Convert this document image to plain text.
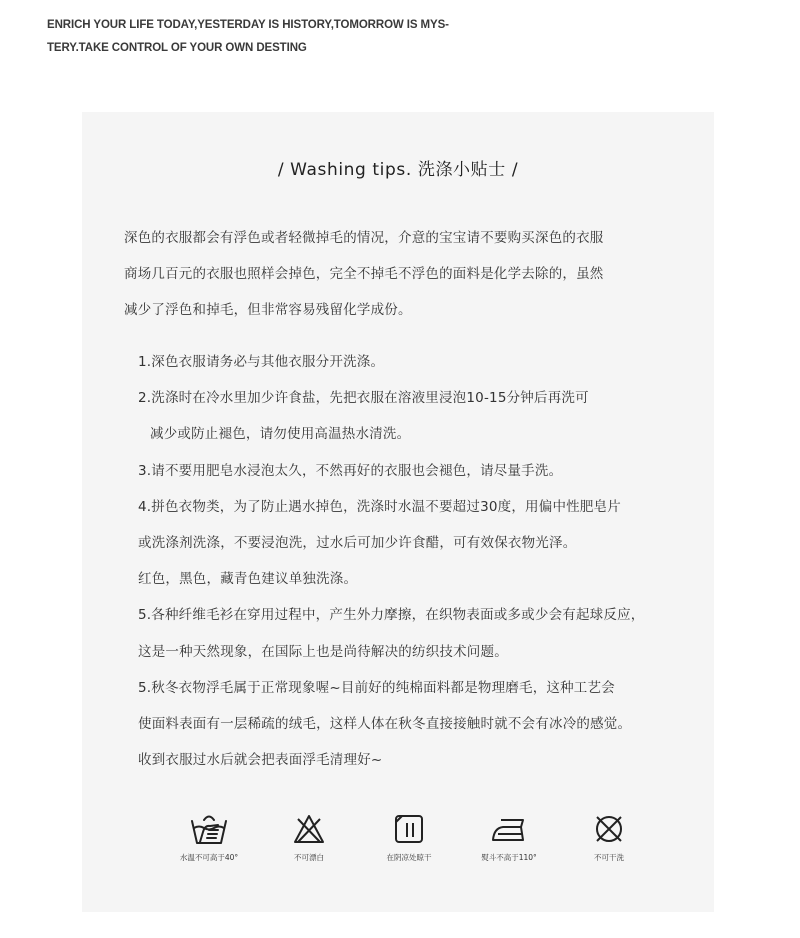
ENRICH YOUR LIFE TODAY,YESTERDAY IS HISTORY,TOMORROW IS MYS-
TERY.TAKE CONTROL OF YOUR OWN DESTING
/ Washing tips. 洗涤小贴士 /

深色的衣服都会有浮色或者轻微掉毛的情况，介意的宝宝请不要购买深色的衣服

商场几百元的衣服也照样会掉色，完全不掉毛不浮色的面料是化学去除的，虽然

减少了浮色和掉毛，但非常容易残留化学成份。

1.深色衣服请务必与其他衣服分开洗涤。

2.洗涤时在冷水里加少许食盐，先把衣服在溶液里浸泡10-15分钟后再洗可

减少或防止褪色，请勿使用高温热水清洗。

3.请不要用肥皂水浸泡太久，不然再好的衣服也会褪色，请尽量手洗。

4.拼色衣物类，为了防止遇水掉色，洗涤时水温不要超过30度，用偏中性肥皂片

或洗涤剂洗涤，不要浸泡洗，过水后可加少许食醋，可有效保衣物光泽。

红色，黑色，藏青色建议单独洗涤。

5.各种纤维毛衫在穿用过程中，产生外力摩擦，在织物表面或多或少会有起球反应，

这是一种天然现象，在国际上也是尚待解决的纺织技术问题。

5.秋冬衣物浮毛属于正常现象喔~目前好的纯棉面料都是物理磨毛，这种工艺会

使面料表面有一层稀疏的绒毛，这样人体在秋冬直接接触时就不会有冰冷的感觉。

收到衣服过水后就会把表面浮毛清理好~

水温不可高于40°	不可漂白	在阴凉处晾干	熨斗不高于110°	不可干洗
